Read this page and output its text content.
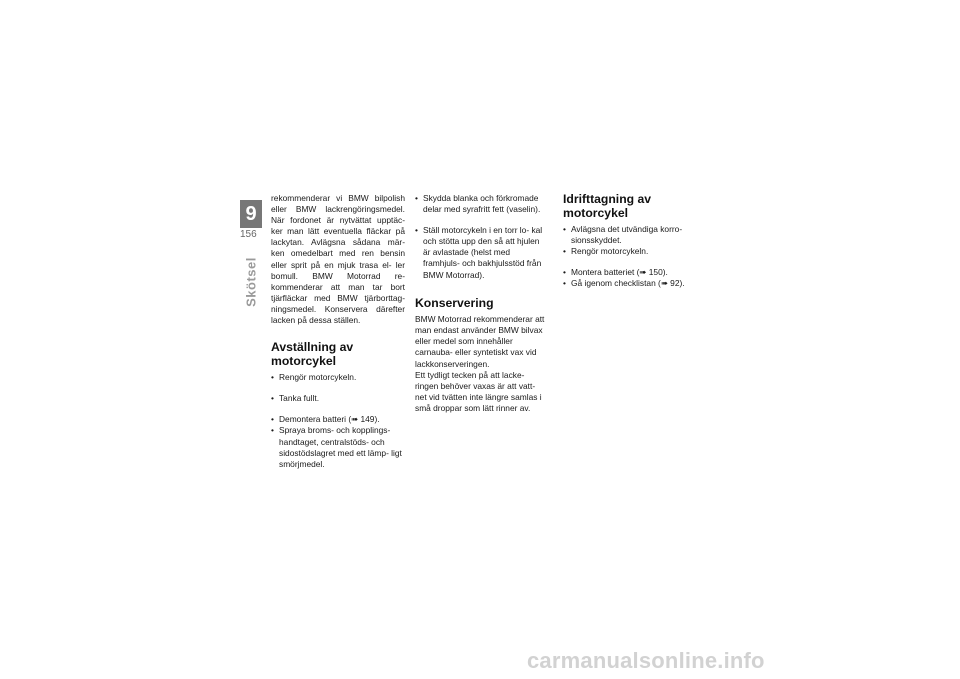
9
156
Skötsel

rekommenderar vi BMW bilpolish eller BMW lackrengöringsmedel. När fordonet är nytvättat upptäc- ker man lätt eventuella fläckar på lackytan. Avlägsna sådana mär- ken omedelbart med ren bensin eller sprit på en mjuk trasa el- ler bomull. BMW Motorrad re- kommenderar att man tar bort tjärfläckar med BMW tjärborttag- ningsmedel. Konservera därefter lacken på dessa ställen.

Avställning av motorcykel
• Rengör motorcykeln.
• Tanka fullt.
• Demontera batteri (➠ 149).
• Spraya broms- och kopplings- handtaget, centralstöds- och sidostödslagret med ett lämp- ligt smörjmedel.
• Skydda blanka och förkromade delar med syrafritt fett (vaselin).
• Ställ motorcykeln i en torr lo- kal och stötta upp den så att hjulen är avlastade (helst med framhjuls- och bakhjulsstöd från BMW Motorrad).
Konservering

BMW Motorrad rekommenderar att man endast använder BMW bilvax eller medel som innehåller carnauba- eller syntetiskt vax vid lackkonserveringen.

Ett tydligt tecken på att lacke- ringen behöver vaxas är att vatt- net vid tvätten inte längre samlas i små droppar som lätt rinner av.

Idrifttagning av motorcykel
• Avlägsna det utvändiga korro- sionsskyddet.
• Rengör motorcykeln.
• Montera batteriet (➠ 150).
• Gå igenom checklistan (➠ 92).
carmanualsonline.info
